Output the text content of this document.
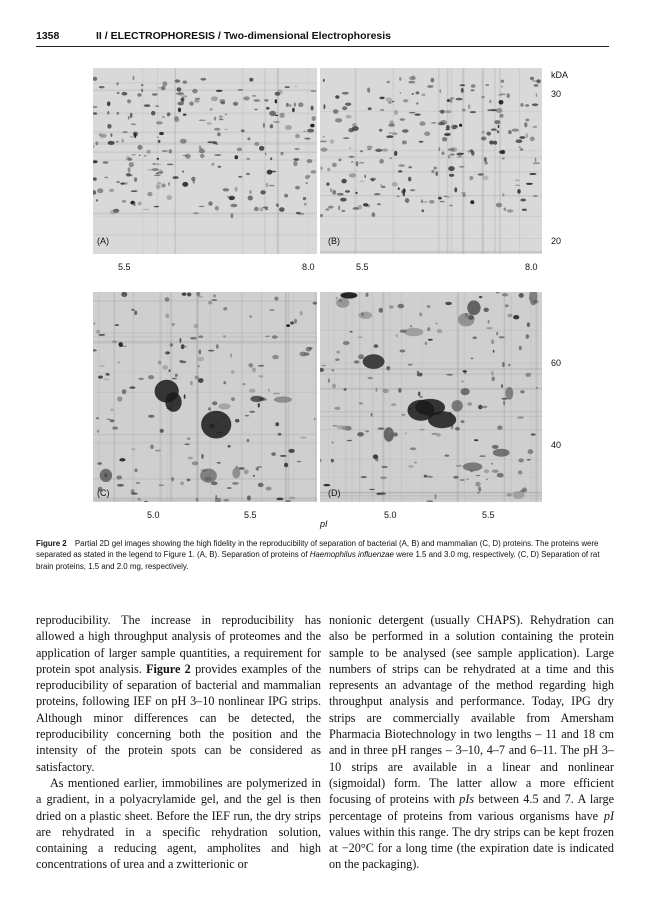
1358	II / ELECTROPHORESIS / Two-dimensional Electrophoresis
(A)	(B)
(C)	(D)
kDA
30
20
60
40
5.5	8.0	5.5	8.0
5.0	5.5	5.0	5.5
pI
Figure 2 Partial 2D gel images showing the high fidelity in the reproducibility of separation of bacterial (A, B) and mammalian (C, D) proteins. The proteins were separated as stated in the legend to Figure 1. (A, B). Separation of proteins of Haemophilus influenzae were 1.5 and 3.0 mg, respectively. (C, D) Separation of rat brain proteins, 1.5 and 2.0 mg, respectively.

reproducibility. The increase in reproducibility has allowed a high throughput analysis of proteomes and the application of larger sample quantities, a requirement for protein spot analysis. Figure 2 provides examples of the reproducibility of separation of bacterial and mammalian proteins, following IEF on pH 3–10 nonlinear IPG strips. Although minor differences can be detected, the reproducibility concerning both the position and the intensity of the protein spots can be considered as satisfactory.

As mentioned earlier, immobilines are polymerized in a gradient, in a polyacrylamide gel, and the gel is then dried on a plastic sheet. Before the IEF run, the dry strips are rehydrated in a specific rehydration solution, containing a reducing agent, ampholites and high concentrations of urea and a zwitterionic or

nonionic detergent (usually CHAPS). Rehydration can also be performed in a solution containing the protein sample to be analysed (see sample application). Large numbers of strips can be rehydrated at a time and this represents an advantage of the method regarding high throughput analysis and performance. Today, IPG dry strips are commercially available from Amersham Pharmacia Biotechnology in two lengths – 11 and 18 cm and in three pH ranges – 3–10, 4–7 and 6–11. The pH 3–10 strips are available in a linear and nonlinear (sigmoidal) form. The latter allow a more efficient focusing of proteins with pIs between 4.5 and 7. A large percentage of proteins from various organisms have pI values within this range. The dry strips can be kept frozen at −20°C for a long time (the expiration date is indicated on the packaging).
